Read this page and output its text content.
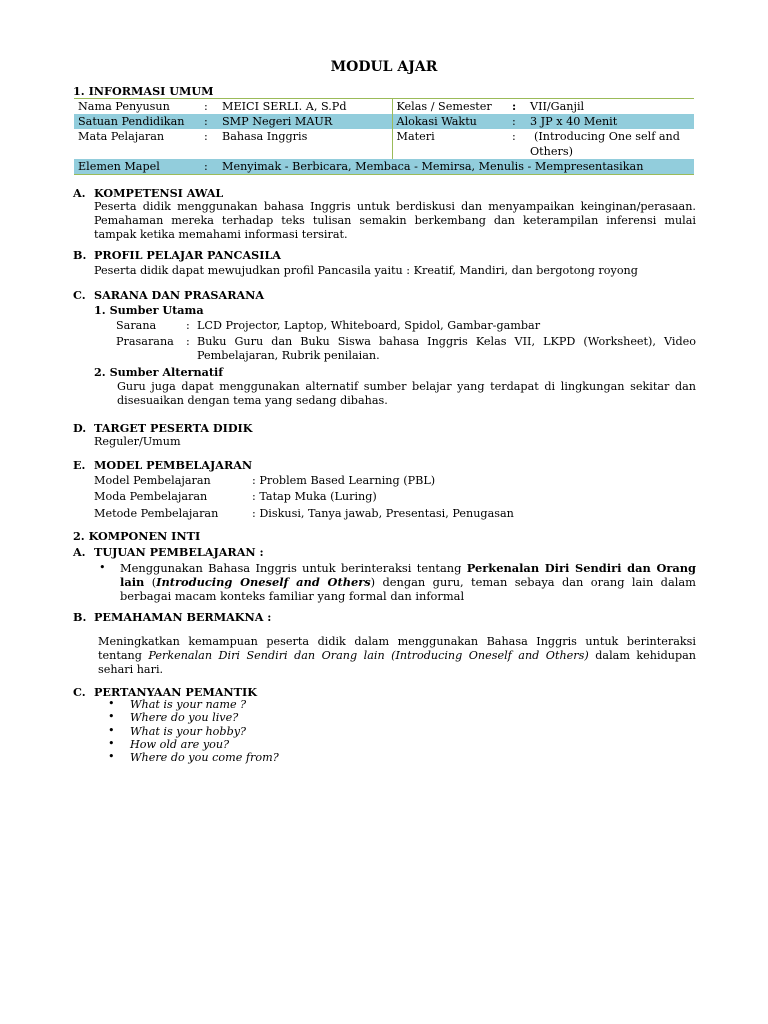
MODUL AJAR
1. INFORMASI UMUM
Nama Penyusun	:	MEICI SERLI. A, S.Pd	Kelas / Semester	:	VII/Ganjil
Satuan Pendidikan	:	SMP Negeri MAUR	Alokasi Waktu	:	3 JP x 40 Menit
Mata Pelajaran	:	Bahasa Inggris	Materi	:	(Introducing One self and
Others)
Elemen Mapel	:	Menyimak - Berbicara, Membaca - Memirsa, Menulis - Mempresentasikan			
A. KOMPETENSI AWAL
Peserta didik menggunakan bahasa Inggris untuk berdiskusi dan menyampaikan keinginan/perasaan. Pemahaman mereka terhadap teks tulisan semakin berkembang dan keterampilan inferensi mulai tampak ketika memahami informasi tersirat.
B. PROFIL PELAJAR PANCASILA
Peserta didik dapat mewujudkan profil Pancasila yaitu : Kreatif, Mandiri, dan bergotong royong
C. SARANA DAN PRASARANA
1. Sumber Utama
Sarana	: LCD Projector, Laptop, Whiteboard, Spidol, Gambar-gambar
Prasarana : Buku Guru dan Buku Siswa bahasa Inggris Kelas VII, LKPD (Worksheet), Video Pembelajaran, Rubrik penilaian.
2. Sumber Alternatif
Guru juga dapat menggunakan alternatif sumber belajar yang terdapat di lingkungan sekitar dan disesuaikan dengan tema yang sedang dibahas.
D. TARGET PESERTA DIDIK
Reguler/Umum
E. MODEL PEMBELAJARAN
Model Pembelajaran	: Problem Based Learning (PBL)
Moda Pembelajaran	: Tatap Muka (Luring)
Metode Pembelajaran	: Diskusi, Tanya jawab, Presentasi, Penugasan
2. KOMPONEN INTI
A. TUJUAN PEMBELAJARAN :
• Menggunakan Bahasa Inggris untuk berinteraksi tentang Perkenalan Diri Sendiri dan Orang lain (Introducing Oneself and Others) dengan guru, teman sebaya dan orang lain dalam berbagai macam konteks familiar yang formal dan informal
B. PEMAHAMAN BERMAKNA :
Meningkatkan kemampuan peserta didik dalam menggunakan Bahasa Inggris untuk berinteraksi tentang Perkenalan Diri Sendiri dan Orang lain (Introducing Oneself and Others) dalam kehidupan sehari hari.
C. PERTANYAAN PEMANTIK
• What is your name ?
• Where do you live?
• What is your hobby?
• How old are you?
• Where do you come from?
